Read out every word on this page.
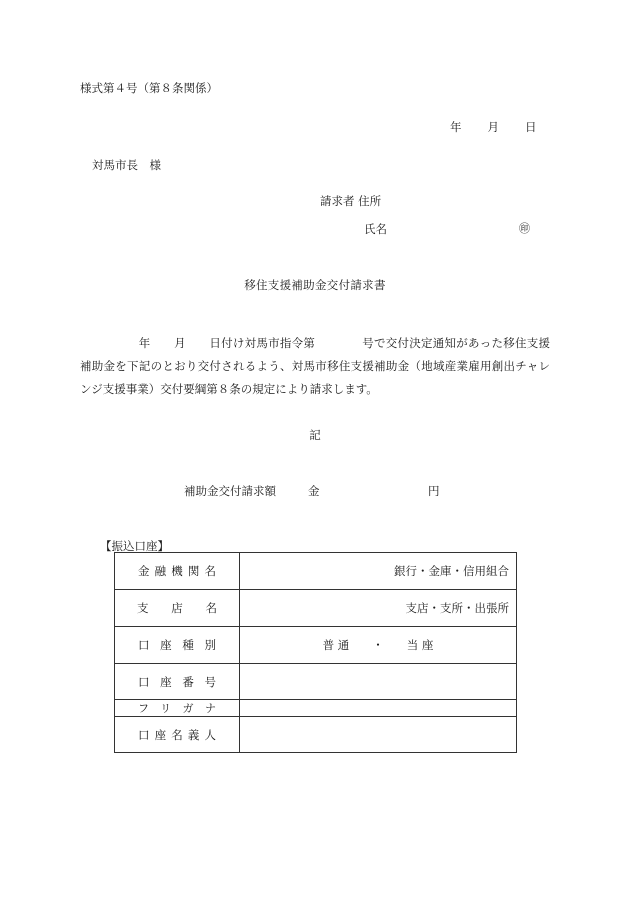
様式第４号（第８条関係）
年 月 日
対馬市長　様
請求者 住所
氏名	㊞
移住支援補助金交付請求書
　　　　　年　　月　　日付け対馬市指令第　　　　号で交付決定通知があった移住支援補助金を下記のとおり交付されるよう、対馬市移住支援補助金（地域産業雇用創出チャレンジ支援事業）交付要綱第８条の規定により請求します。
記
補助金交付請求額	金	円
【振込口座】
金融機関名	銀行・金庫・信用組合
支　店　名	支店・支所・出張所
口座種別	普 通　　・　　当 座
口座番号	
フリガナ	
口座名義人	
